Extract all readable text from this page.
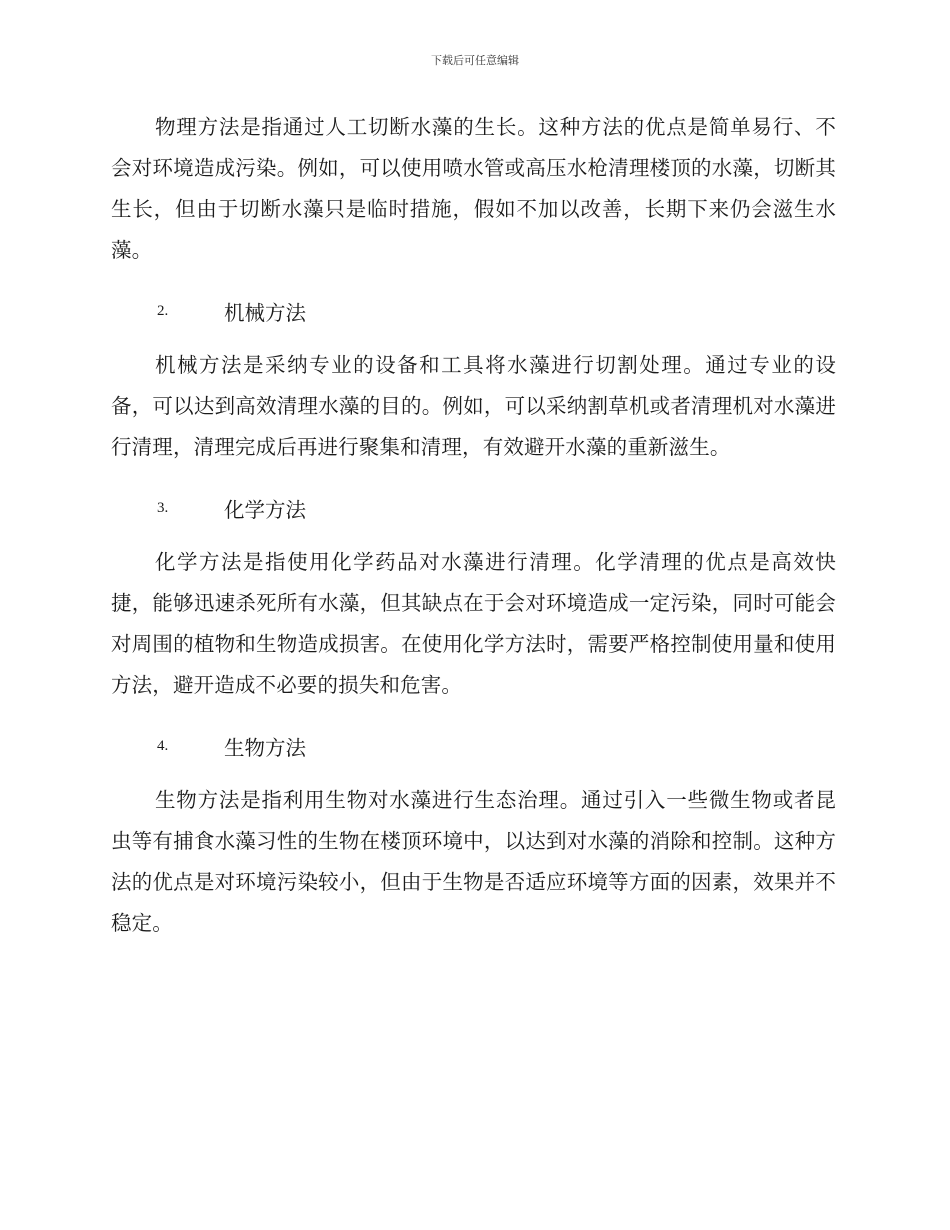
下载后可任意编辑

物理方法是指通过人工切断水藻的生长。这种方法的优点是简单易行、不会对环境造成污染。例如，可以使用喷水管或高压水枪清理楼顶的水藻，切断其生长，但由于切断水藻只是临时措施，假如不加以改善，长期下来仍会滋生水藻。

2.	机械方法

机械方法是采纳专业的设备和工具将水藻进行切割处理。通过专业的设备，可以达到高效清理水藻的目的。例如，可以采纳割草机或者清理机对水藻进行清理，清理完成后再进行聚集和清理，有效避开水藻的重新滋生。

3.	化学方法

化学方法是指使用化学药品对水藻进行清理。化学清理的优点是高效快捷，能够迅速杀死所有水藻，但其缺点在于会对环境造成一定污染，同时可能会对周围的植物和生物造成损害。在使用化学方法时，需要严格控制使用量和使用方法，避开造成不必要的损失和危害。

4.	生物方法

生物方法是指利用生物对水藻进行生态治理。通过引入一些微生物或者昆虫等有捕食水藻习性的生物在楼顶环境中，以达到对水藻的消除和控制。这种方法的优点是对环境污染较小，但由于生物是否适应环境等方面的因素，效果并不稳定。
